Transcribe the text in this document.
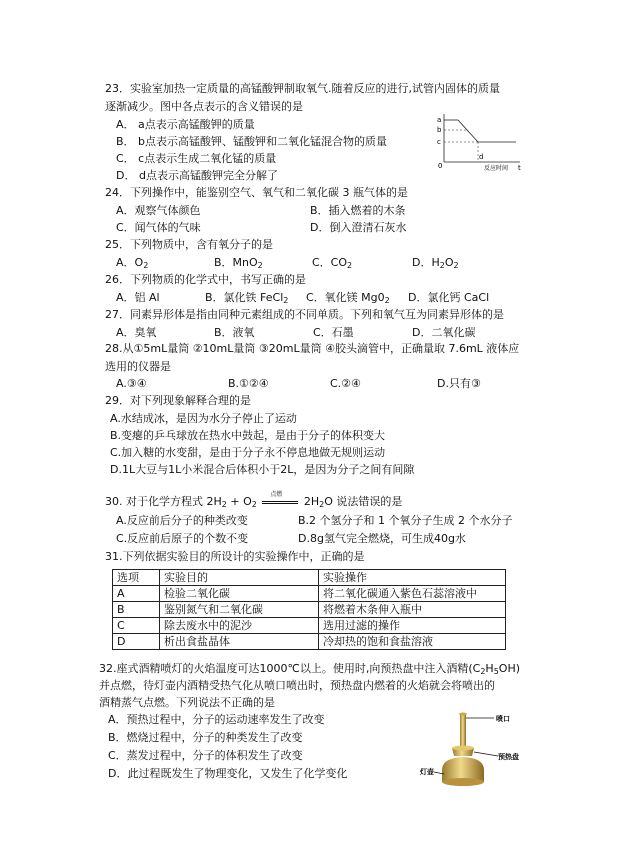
23．实验室加热一定质量的高锰酸钾制取氧气.随着反应的进行,试管内固体的质量
逐渐减少。图中各点表示的含义错误的是
A． a点表示高锰酸钾的质量
B． b点表示高锰酸钾、锰酸钾和二氧化锰混合物的质量
C． c点表示生成二氧化锰的质量
D． d点表示高锰酸钾完全分解了
a
b
c
d
0	反应时间 t
24．下列操作中，能鉴别空气、氧气和二氧化碳 3 瓶气体的是
A．观察气体颜色	B．插入燃着的木条
C．闻气体的气味	D．倒入澄清石灰水
25．下列物质中，含有氧分子的是
A．$O_2$	B．MnO$_2$	C．$CO_2$	D．$H_2O_2$
26．下列物质的化学式中，书写正确的是
A．铝 Al	B．氯化铁 FeCl$_2$ C．氧化镁 $Mg0_2$ D．氯化钙 CaCl
27．同素异形体是指由同种元素组成的不同单质。下列和氧气互为同素异形体的是
A．臭氧	B．液氧	C．石墨	D．二氧化碳
28.从①5mL量筒 ②10mL量筒 ③20mL量筒 ④胶头滴管中，正确量取 7.6mL 液体应
选用的仪器是
A.③④	B.①②④	C.②④	D.只有③
29．对下列现象解释合理的是
A.水结成冰，是因为水分子停止了运动
B.变瘪的乒乓球放在热水中鼓起，是由于分子的体积变大
C.加入糖的水变甜，是由于分子永不停息地做无规则运动
D.1L大豆与1L小米混合后体积小于2L，是因为分子之间有间隙
30. 对于化学方程式 $2H_2 + O_2$
点燃
$2H_2O$ 说法错误的是
A.反应前后分子的种类改变	B.2 个氢分子和 1 个氧分子生成 2 个水分子
C.反应前后原子的个数不变	D.8g氢气完全燃烧，可生成40g水
31.下列依据实验目的所设计的实验操作中，正确的是
选项	实验目的	实验操作
A	检验二氧化碳	将二氧化碳通入紫色石蕊溶液中
B	鉴别氮气和二氧化碳	将燃着木条伸入瓶中
C	除去废水中的泥沙	选用过滤的操作
D	析出食盐晶体	冷却热的饱和食盐溶液
32.座式酒精喷灯的火焰温度可达1000℃以上。使用时,向预热盘中注入酒精$(C_2H_5OH)$
并点燃，待灯壶内酒精受热气化从喷口喷出时，预热盘内燃着的火焰就会将喷出的
酒精蒸气点燃。下列说法不正确的是
A．预热过程中，分子的运动速率发生了改变
B．燃烧过程中，分子的种类发生了改变
C．蒸发过程中，分子的体积发生了改变
D．此过程既发生了物理变化，又发生了化学变化
喷口
预热盘
灯壶
